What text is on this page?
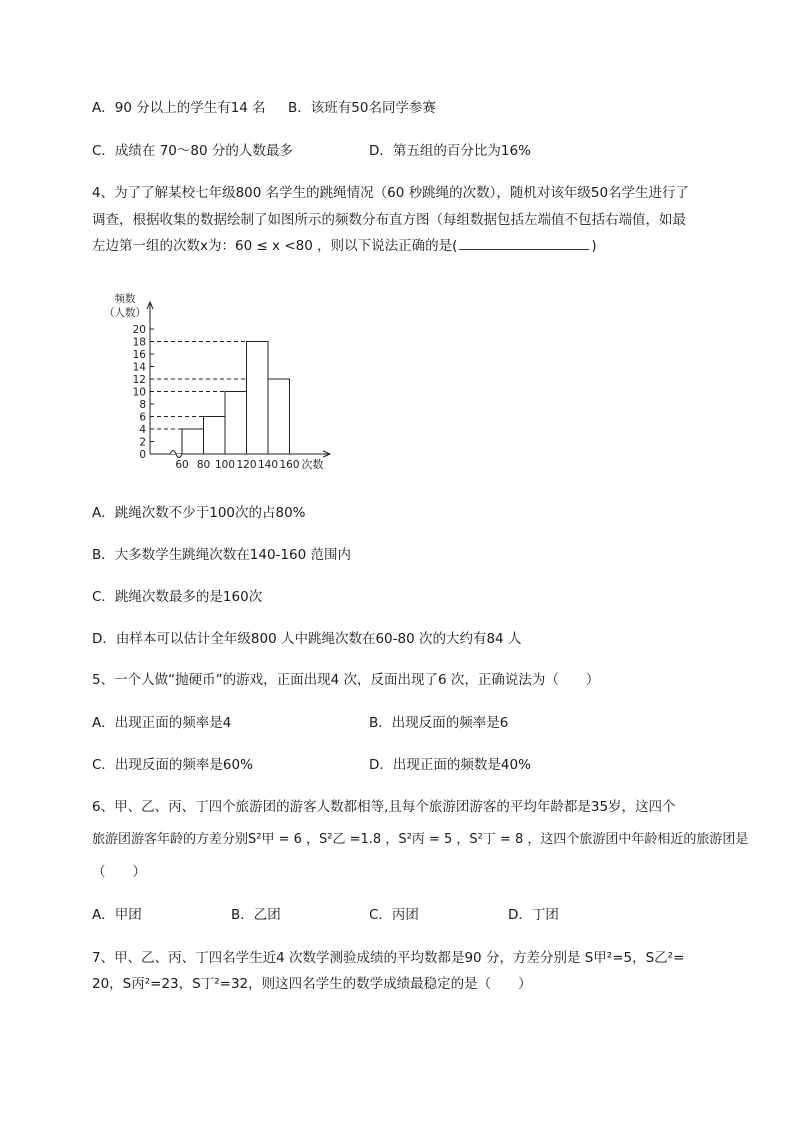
A．90 分以上的学生有14 名 B．该班有50名同学参赛
C．成绩在 70～80 分的人数最多	D．第五组的百分比为16%
4、为了了解某校七年级800 名学生的跳绳情况（60 秒跳绳的次数），随机对该年级50名学生进行了
调查，根据收集的数据绘制了如图所示的频数分布直方图（每组数据包括左端值不包括右端值，如最
左边第一组的次数x为：60 ≤ x <80 ，则以下说法正确的是(	)
0
2
4
6
8
10
12
14
16
18
20
频数
（人数）
60 80 100 120 140 160 次数
A．跳绳次数不少于100次的占80%
B．大多数学生跳绳次数在140-160 范围内
C．跳绳次数最多的是160次
D．由样本可以估计全年级800 人中跳绳次数在60-80 次的大约有84 人
5、一个人做“抛硬币”的游戏，正面出现4 次，反面出现了6 次，正确说法为（　　）
A．出现正面的频率是4	B．出现反面的频率是6
C．出现反面的频率是60%	D．出现正面的频数是40%
6、甲、乙、丙、丁四个旅游团的游客人数都相等,且每个旅游团游客的平均年龄都是35岁，这四个
旅游团游客年龄的方差分别S²甲 = 6 ，S²乙 =1.8 ，S²丙 = 5 ，S²丁 = 8 ，这四个旅游团中年龄相近的旅游团是
（　　）
A．甲团	B．乙团	C．丙团	D．丁团
7、甲、乙、丙、丁四名学生近4 次数学测验成绩的平均数都是90 分，方差分别是 S甲²=5，S乙²=
20，S丙²=23，S丁²=32，则这四名学生的数学成绩最稳定的是（　　）
